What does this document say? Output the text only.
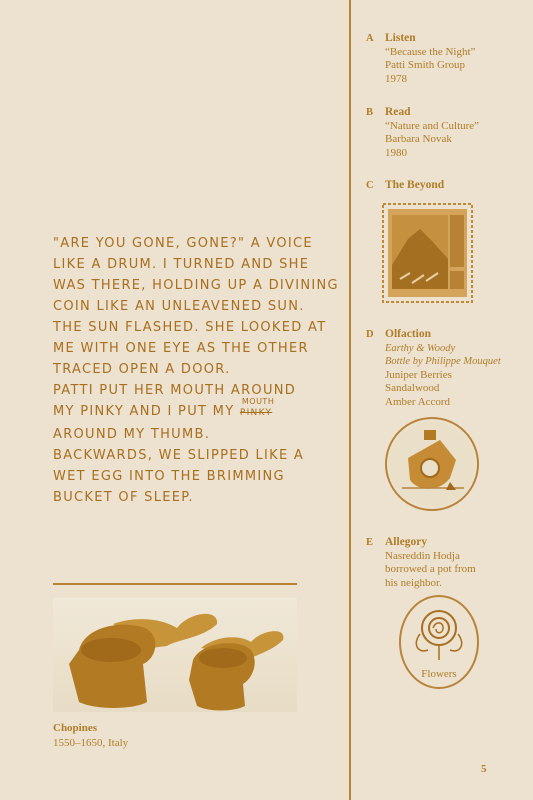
"ARE YOU GONE, GONE?" A VOICE
LIKE A DRUM. I TURNED AND SHE
WAS THERE, HOLDING UP A DIVINING
COIN LIKE AN UNLEAVENED SUN.
THE SUN FLASHED. SHE LOOKED AT
ME WITH ONE EYE AS THE OTHER
TRACED OPEN A DOOR.
PATTI PUT HER MOUTH AROUND
MY PINKY AND I PUT MY
MOUTH
PINKY
AROUND MY THUMB.
BACKWARDS, WE SLIPPED LIKE A
WET EGG INTO THE BRIMMING
BUCKET OF SLEEP.
Chopines
1550–1650, Italy
A Listen
“Because the Night”
Patti Smith Group
1978
B Read
“Nature and Culture”
Barbara Novak
1980
C The Beyond
D Olfaction
Earthy & Woody
Bottle by Philippe Mouquet
Juniper Berries
Sandalwood
Amber Accord
E Allegory
Nasreddin Hodja
borrowed a pot from
his neighbor.
Flowers
5
